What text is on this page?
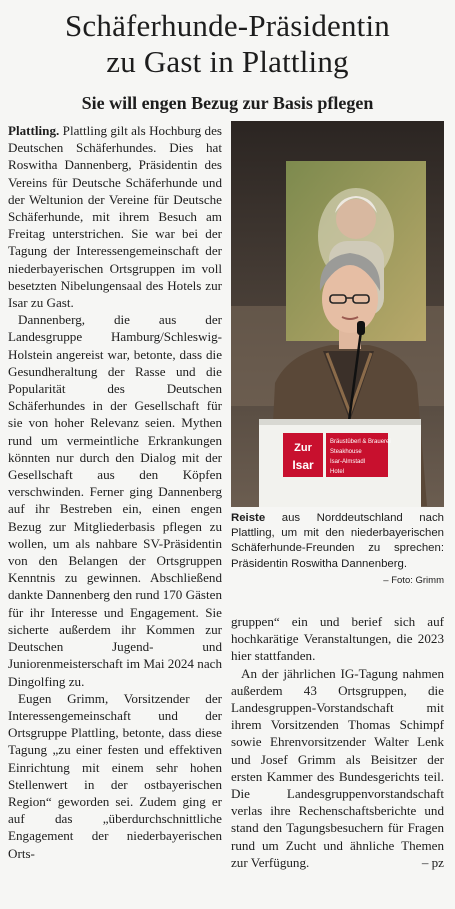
Schäferhunde-Präsidentin
zu Gast in Plattling
Sie will engen Bezug zur Basis pflegen

Plattling. Plattling gilt als Hochburg des Deutschen Schäferhundes. Dies hat Roswitha Dannenberg, Präsidentin des Vereins für Deutsche Schäferhunde und der Weltunion der Vereine für Deutsche Schäferhunde, mit ihrem Besuch am Freitag unterstrichen. Sie war bei der Tagung der Interessengemeinschaft der niederbayerischen Ortsgruppen im voll besetzten Nibelungensaal des Hotels zur Isar zu Gast.

Dannenberg, die aus der Landesgruppe Hamburg/Schleswig-Holstein angereist war, betonte, dass die Gesundheraltung der Rasse und die Popularität des Deutschen Schäferhundes in der Gesellschaft für sie von hoher Relevanz seien. Mythen rund um vermeintliche Erkrankungen könnten nur durch den Dialog mit der Gesellschaft aus den Köpfen verschwinden. Ferner ging Dannenberg auf ihr Bestreben ein, einen engen Bezug zur Mitgliederbasis pflegen zu wollen, um als nahbare SV-Präsidentin von den Belangen der Ortsgruppen Kenntnis zu gewinnen. Abschließend dankte Dannenberg den rund 170 Gästen für ihr Interesse und Engagement. Sie sicherte außerdem ihr Kommen zur Deutschen Jugend- und Juniorenmeisterschaft im Mai 2024 nach Dingolfing zu.

Eugen Grimm, Vorsitzender der Interessengemeinschaft und der Ortsgruppe Plattling, betonte, dass diese Tagung „zu einer festen und effektiven Einrichtung mit einem sehr hohen Stellenwert in der ostbayerischen Region“ geworden sei. Zudem ging er auf das „überdurchschnittliche Engagement der niederbayerischen Orts-

Zur
Isar
Bräustüberl & Brauerei
Steakhouse
Isar-Almstadl
Hotel

Reiste aus Norddeutschland nach Plattling, um mit den niederbayerischen Schäferhunde-Freunden zu sprechen: Präsidentin Roswitha Dannenberg.
– Foto: Grimm

gruppen“ ein und berief sich auf hochkarätige Veranstaltungen, die 2023 hier stattfanden.

An der jährlichen IG-Tagung nahmen außerdem 43 Ortsgruppen, die Landesgruppen-Vorstandschaft mit ihrem Vorsitzenden Thomas Schimpf sowie Ehrenvorsitzender Walter Lenk und Josef Grimm als Beisitzer der ersten Kammer des Bundesgerichts teil. Die Landesgruppenvorstandschaft verlas ihre Rechenschaftsberichte und stand den Tagungsbesuchern für Fragen rund um Zucht und ähnliche Themen zur Verfügung.	– pz
